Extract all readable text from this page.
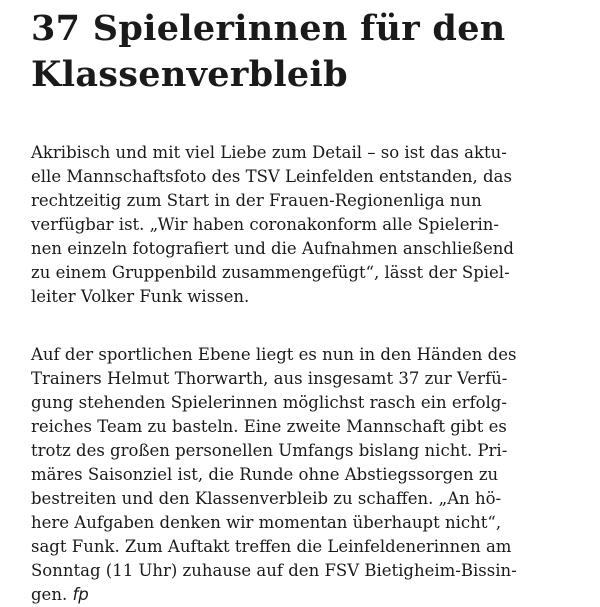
37 Spielerinnen für den
Klassenverbleib

Akribisch und mit viel Liebe zum Detail – so ist das aktu-
elle Mannschaftsfoto des TSV Leinfelden entstanden, das
rechtzeitig zum Start in der Frauen-Regionenliga nun
verfügbar ist. „Wir haben coronakonform alle Spielerin-
nen einzeln fotografiert und die Aufnahmen anschließend
zu einem Gruppenbild zusammengefügt“, lässt der Spiel-
leiter Volker Funk wissen.

Auf der sportlichen Ebene liegt es nun in den Händen des
Trainers Helmut Thorwarth, aus insgesamt 37 zur Verfü-
gung stehenden Spielerinnen möglichst rasch ein erfolg-
reiches Team zu basteln. Eine zweite Mannschaft gibt es
trotz des großen personellen Umfangs bislang nicht. Pri-
märes Saisonziel ist, die Runde ohne Abstiegssorgen zu
bestreiten und den Klassenverbleib zu schaffen. „An hö-
here Aufgaben denken wir momentan überhaupt nicht“,
sagt Funk. Zum Auftakt treffen die Leinfeldenerinnen am
Sonntag (11 Uhr) zuhause auf den FSV Bietigheim-Bissin-
gen. fp
